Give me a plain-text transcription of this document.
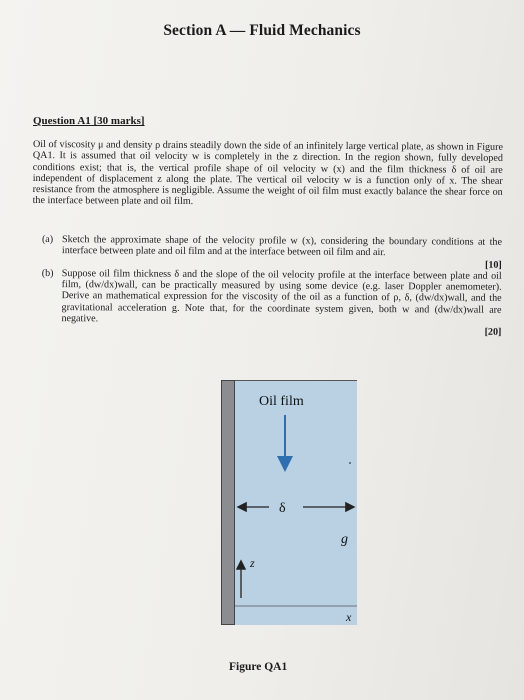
Section A — Fluid Mechanics
Question A1 [30 marks]

Oil of viscosity μ and density ρ drains steadily down the side of an infinitely large vertical plate, as shown in Figure QA1. It is assumed that oil velocity w is completely in the z direction. In the region shown, fully developed conditions exist; that is, the vertical profile shape of oil velocity w (x) and the film thickness δ of oil are independent of displacement z along the plate. The vertical oil velocity w is a function only of x. The shear resistance from the atmosphere is negligible. Assume the weight of oil film must exactly balance the shear force on the interface between plate and oil film.

(a) Sketch the approximate shape of the velocity profile w (x), considering the boundary conditions at the interface between plate and oil film and at the interface between oil film and air.
[10]
(b) Suppose oil film thickness δ and the slope of the oil velocity profile at the interface between plate and oil film, (dw/dx)wall, can be practically measured by using some device (e.g. laser Doppler anemometer). Derive an mathematical expression for the viscosity of the oil as a function of ρ, δ, (dw/dx)wall, and the gravitational acceleration g. Note that, for the coordinate system given, both w and (dw/dx)wall are negative.
[20]
Oil film
δ
g
z
x
Figure QA1
